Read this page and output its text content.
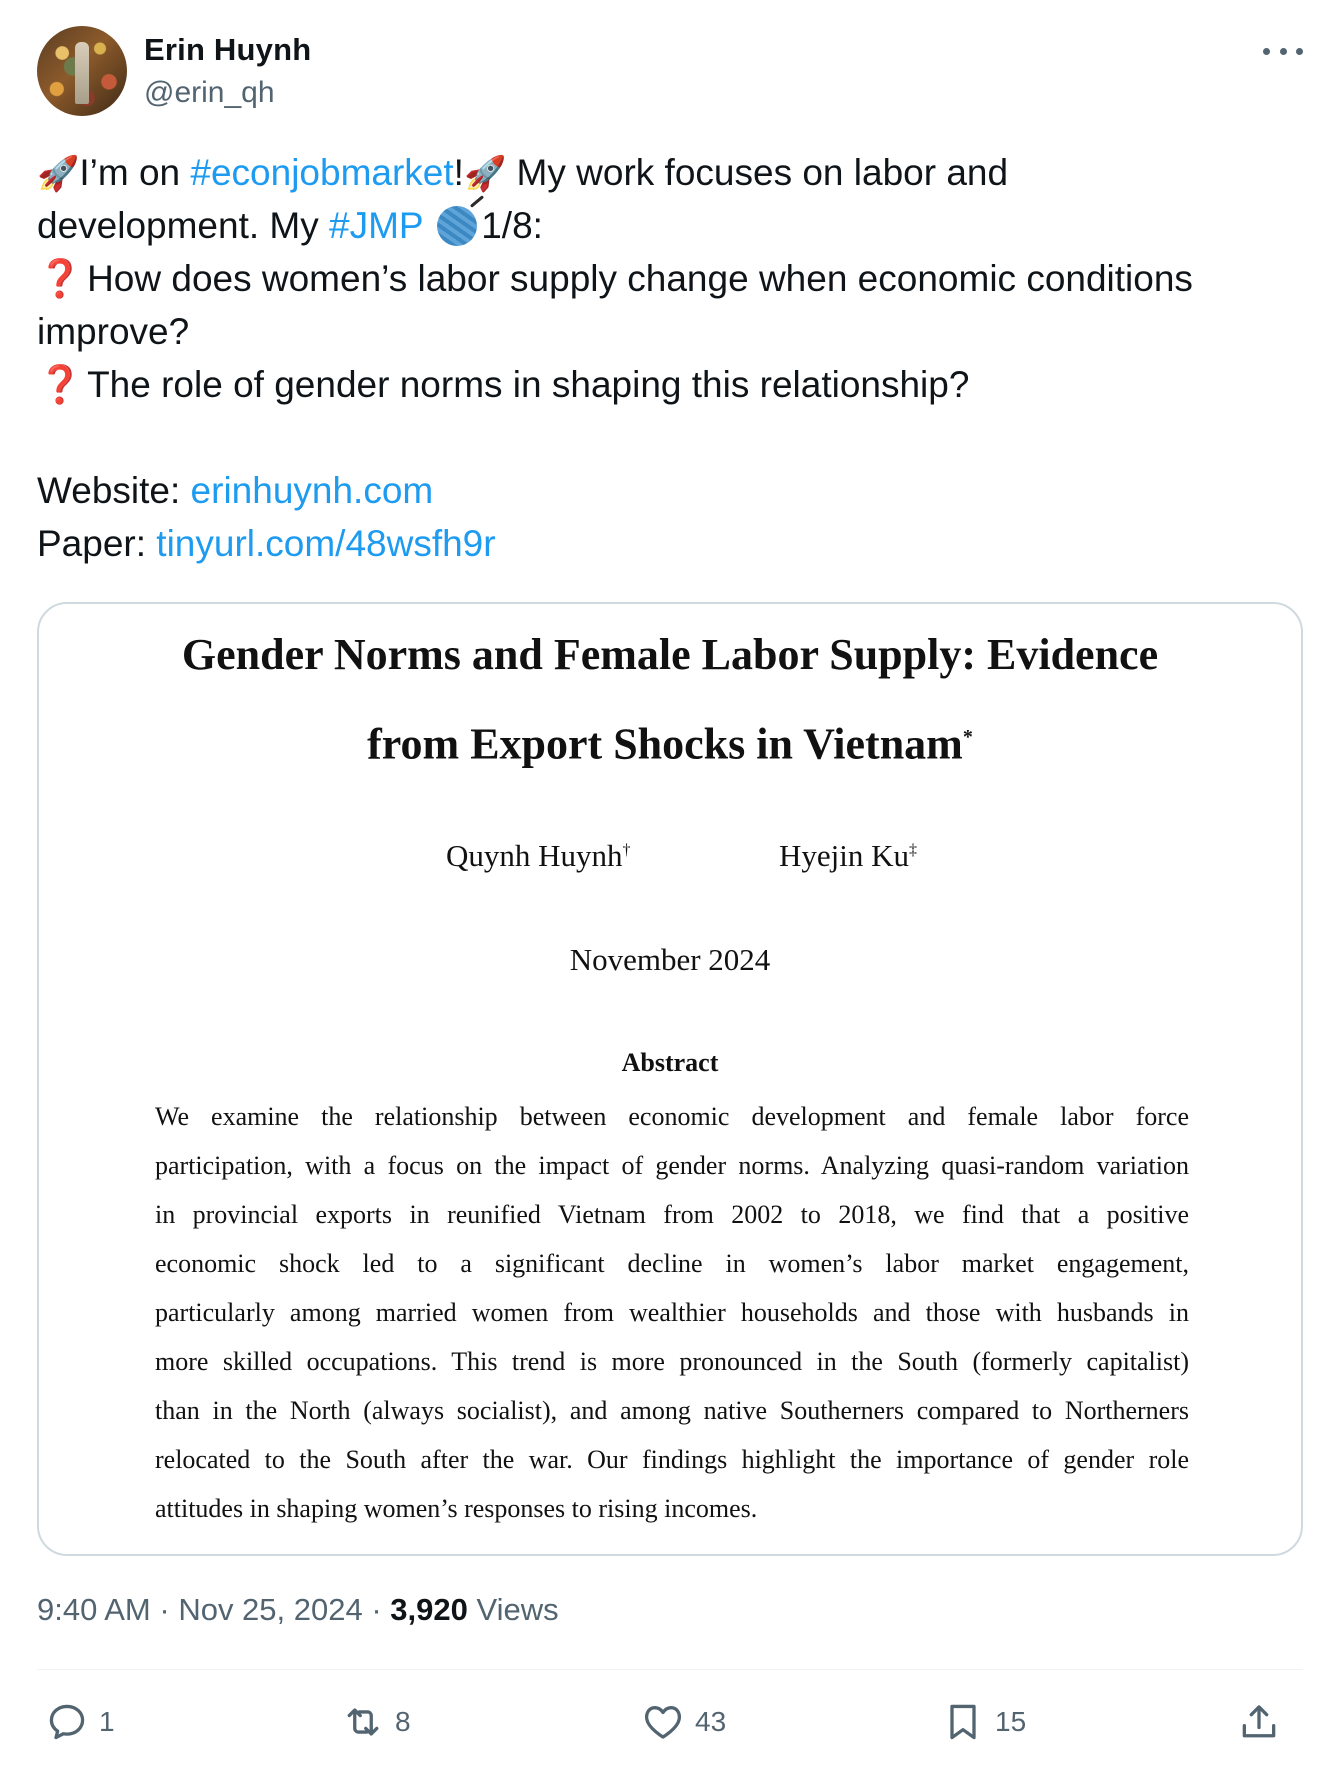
Erin Huynh
@erin_qh
🚀I’m on #econjobmarket!🚀 My work focuses on labor and
development. My #JMP 1/8:
❓ How does women’s labor supply change when economic conditions
improve?
❓ The role of gender norms in shaping this relationship?
Website: erinhuynh.com
Paper: tinyurl.com/48wsfh9r
Gender Norms and Female Labor Supply: Evidence
from Export Shocks in Vietnam*
Quynh Huynh†	Hyejin Ku‡
November 2024
Abstract
We examine the relationship between economic development and female labor force
participation, with a focus on the impact of gender norms. Analyzing quasi-random variation
in provincial exports in reunified Vietnam from 2002 to 2018, we find that a positive
economic shock led to a significant decline in women’s labor market engagement,
particularly among married women from wealthier households and those with husbands in
more skilled occupations. This trend is more pronounced in the South (formerly capitalist)
than in the North (always socialist), and among native Southerners compared to Northerners
relocated to the South after the war. Our findings highlight the importance of gender role
attitudes in shaping women’s responses to rising incomes.
9:40 AM · Nov 25, 2024 · 3,920 Views
1	8	43	15
